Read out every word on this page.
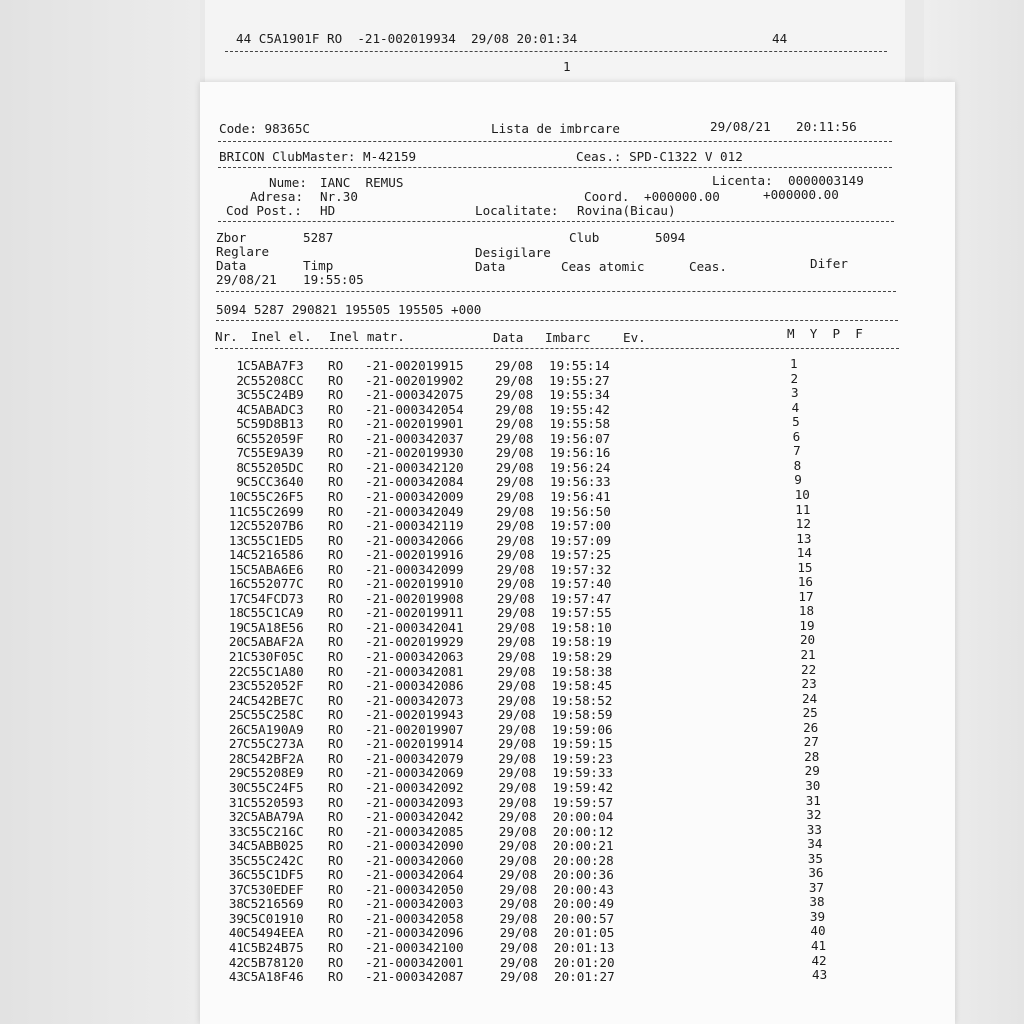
44 C5A1901F RO  -21-002019934  29/08 20:01:34	44
1
Code: 98365C	Lista de imbrcare	29/08/21 20:11:56
BRICON ClubMaster: M-42159	Ceas.: SPD-C1322 V 012
Nume: IANC  REMUS	Licenta: 0000003149
Adresa: Nr.30	Coord. +000000.00	+000000.00
Cod Post.: HD	Localitate: Rovina(Bicau)
Zbor	5287	Club	5094
Reglare	Desigilare
Data	Timp	Data	Ceas atomic	Ceas.	Difer
29/08/21 19:55:05
5094 5287 290821 195505 195505 +000
Nr. Inel el. Inel matr.	Data Imbarc	Ev.	M  Y  P  F
1 C5ABA7F3 RO -21-002019915 29/08 19:55:14	1
2 C55208CC RO -21-002019902	29/08 19:55:27	2
3 C55C24B9 RO -21-000342075	29/08 19:55:34	3
4 C5ABADC3 RO -21-000342054	29/08 19:55:42	4
5 C59D8B13 RO -21-002019901	29/08 19:55:58	5
6 C552059F RO -21-000342037	29/08 19:56:07	6
7 C55E9A39 RO -21-002019930	29/08 19:56:16	7
8 C55205DC RO -21-000342120	29/08 19:56:24	8
9 C5CC3640 RO -21-000342084	29/08 19:56:33	9
10 C55C26F5 RO -21-000342009	29/08 19:56:41	10
11 C55C2699 RO -21-000342049	29/08 19:56:50	11
12 C55207B6 RO -21-000342119	29/08 19:57:00	12
13 C55C1ED5 RO -21-000342066	29/08 19:57:09	13
14 C5216586 RO -21-002019916	29/08 19:57:25	14
15 C5ABA6E6 RO -21-000342099	29/08 19:57:32	15
16 C552077C RO -21-002019910	29/08 19:57:40	16
17 C54FCD73 RO -21-002019908	29/08 19:57:47	17
18 C55C1CA9 RO -21-002019911	29/08 19:57:55	18
19 C5A18E56 RO -21-000342041	29/08 19:58:10	19
20 C5ABAF2A RO -21-002019929	29/08 19:58:19	20
21 C530F05C RO -21-000342063	29/08 19:58:29	21
22 C55C1A80 RO -21-000342081	29/08 19:58:38	22
23 C552052F RO -21-000342086	29/08 19:58:45	23
24 C542BE7C RO -21-000342073	29/08 19:58:52	24
25 C55C258C RO -21-002019943	29/08 19:58:59	25
26 C5A190A9 RO -21-002019907	29/08 19:59:06	26
27 C55C273A RO -21-002019914	29/08 19:59:15	27
28 C542BF2A RO -21-000342079	29/08 19:59:23	28
29 C55208E9 RO -21-000342069	29/08 19:59:33	29
30 C55C24F5 RO -21-000342092	29/08 19:59:42	30
31 C5520593 RO -21-000342093	29/08 19:59:57	31
32 C5ABA79A RO -21-000342042	29/08 20:00:04	32
33 C55C216C RO -21-000342085	29/08 20:00:12	33
34 C5ABB025 RO -21-000342090	29/08 20:00:21	34
35 C55C242C RO -21-000342060	29/08 20:00:28	35
36 C55C1DF5 RO -21-000342064	29/08 20:00:36	36
37 C530EDEF RO -21-000342050	29/08 20:00:43	37
38 C5216569 RO -21-000342003	29/08 20:00:49	38
39 C5C01910 RO -21-000342058	29/08 20:00:57	39
40 C5494EEA RO -21-000342096	29/08 20:01:05	40
41 C5B24B75 RO -21-000342100	29/08 20:01:13	41
42 C5B78120 RO -21-000342001	29/08 20:01:20	42
43 C5A18F46 RO -21-000342087	29/08 20:01:27	43
